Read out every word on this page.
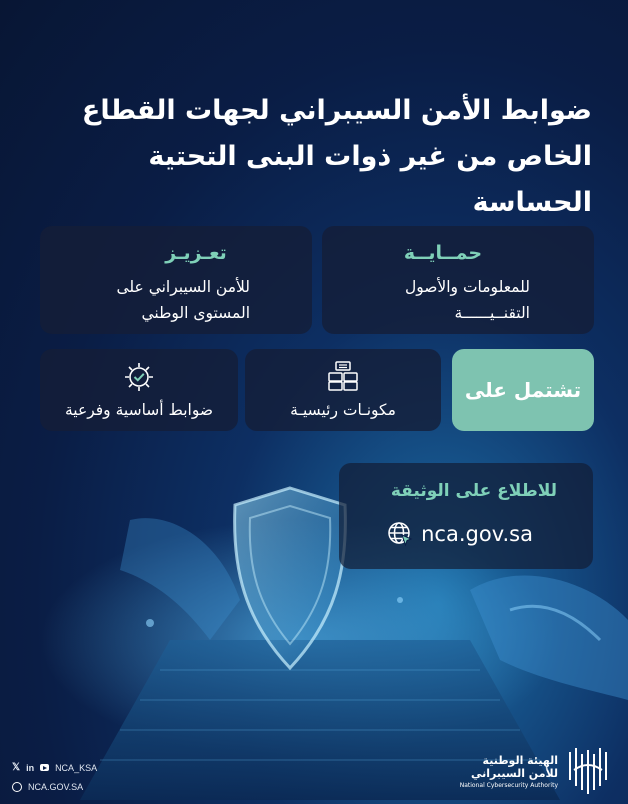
ضوابط الأمن السيبراني لجهات القطاع
الخاص من غير ذوات البنى التحتية الحساسة
حمــايــة
للمعلومات والأصول
التقنــيــــــة
تعـزيـز
للأمن السيبراني على
المستوى الوطني
تشتمل على
مكونـات رئيسيـة
ضوابط أساسية وفرعية
للاطلاع على الوثيقة
nca.gov.sa
𝕏 in NCA_KSA
NCA.GOV.SA
الهيئة الوطنية
للأمن السيبراني
National Cybersecurity Authority
